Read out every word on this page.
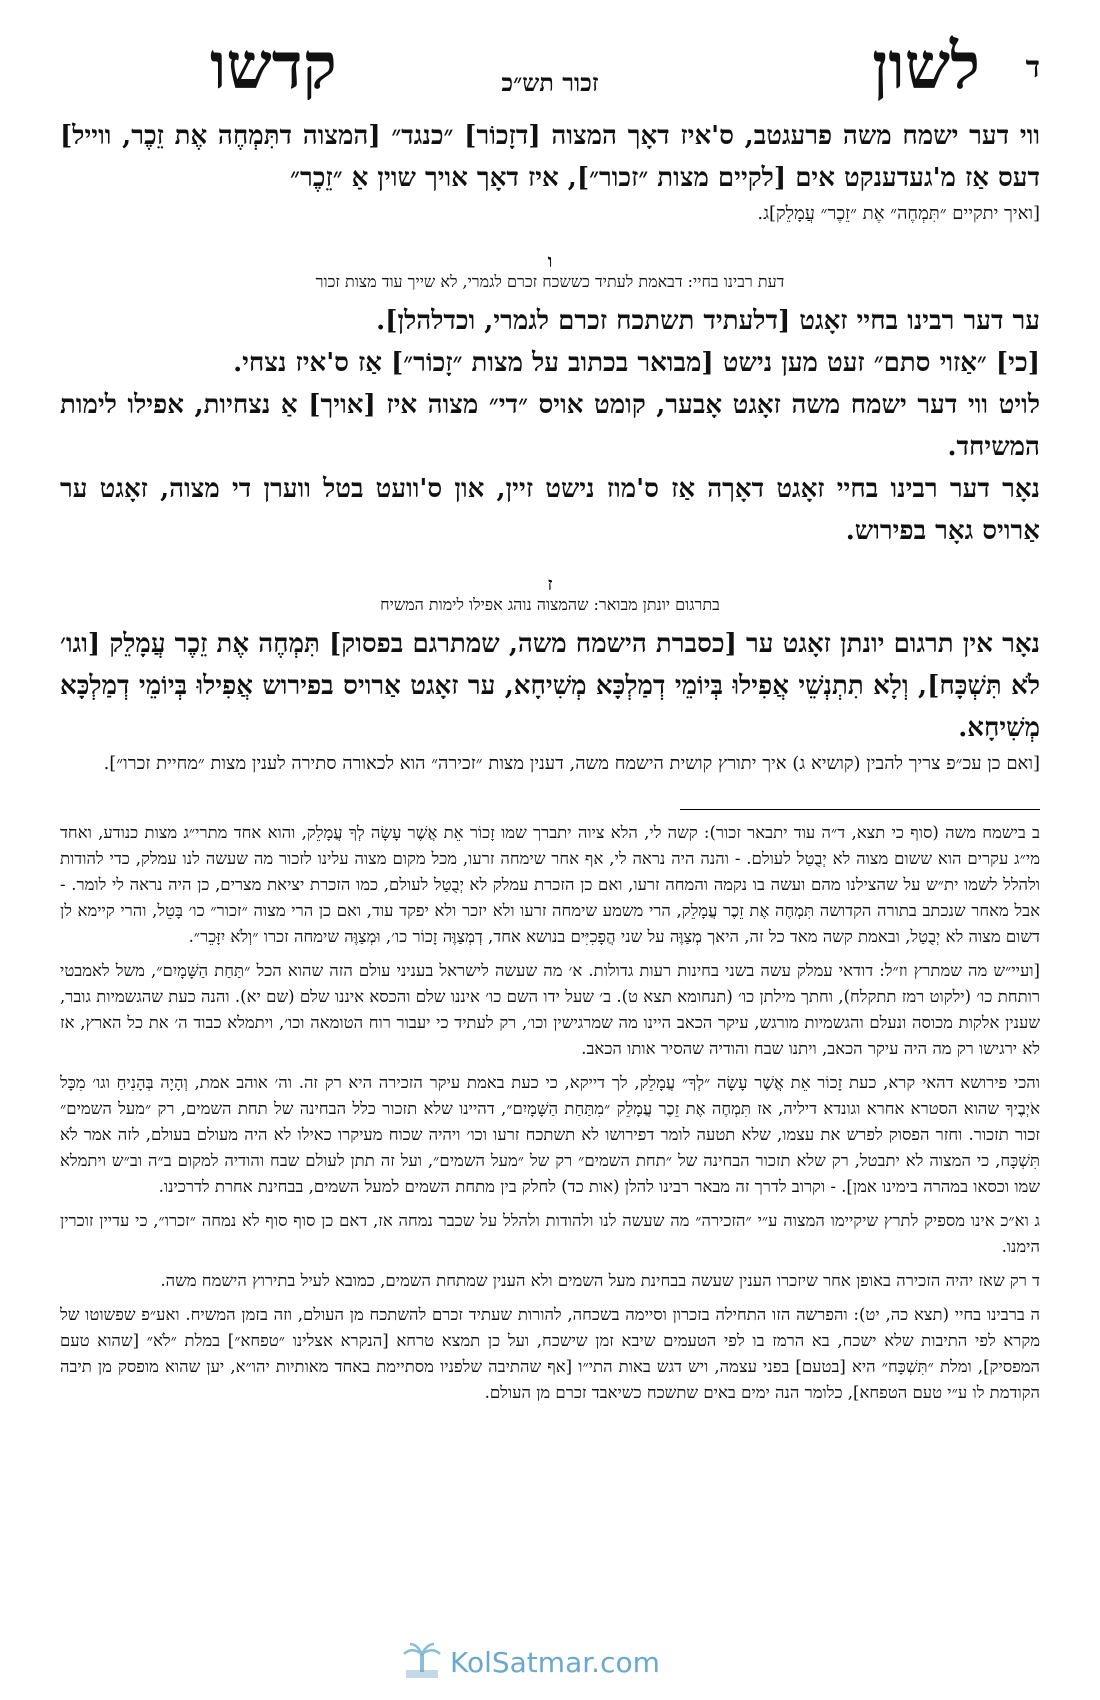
ד
לשון
זכור תש״כ
קדשו

ווי דער ישמח משה פרעגטב, ס'איז דאָך המצוה [דזָכוֹר] ״כנגד״ [המצוה דתִּמְחֶה אֶת זֵכֶר, ווייל] דעס אַז מ'געדענקט אים [לקיים מצות ״זכור״], איז דאָך אויך שוין אַ ״זֵכֶר״

[ואיך יתקיים ״תִּמְחֶה״ אֶת ״זֵכֶר״ עֲמָלֵק]ג.

ו
דעת רבינו בחיי: דבאמת לעתיד כששכח זכרם לגמרי, לא שייך עוד מצות זכור

ער דער רבינו בחיי זאָגט [דלעתיד תשתכח זכרם לגמרי, וכדלהלן].

[כי] ״אַזוי סתם״ זעט מען נישט [מבואר בכתוב על מצות ״זָכוֹר״] אַז ס'איז נצחי.

לויט ווי דער ישמח משה זאָגט אָבער, קומט אויס ״די״ מצוה איז [אויך] אַ נצחיות, אפילו לימות המשיחד.

נאָר דער רבינו בחיי זאָגט דאָךה אַז ס'מוז נישט זיין, און ס'וועט בטל ווערן די מצוה, זאָגט ער אַרויס גאָר בפירוש.

ז
בתרגום יונתן מבואר: שהמצוה נוהג אפילו לימות המשיח

נאָר אין תרגום יונתן זאָגט ער [כסברת הישמח משה, שמתרגם בפסוק] תִּמְחֶה אֶת זֵכֶר עֲמָלֵק [וגו׳ לֹא תִּשְׁכָּח], וְלָא תִתְנְשֵׁי אֲפִילוּ בְּיוֹמֵי דְמַלְכָּא מְשִׁיחָא, ער זאָגט אַרויס בפירוש אֲפִילוּ בְּיוֹמֵי דְמַלְכָּא מְשִׁיחָא.

[ואם כן עכ״פ צריך להבין (קושיא ג) איך יתורץ קושית הישמח משה, דענין מצות ״זכירה״ הוא לכאורה סתירה לענין מצות ״מחיית זכרו״].

ב בישמח משה (סוף כי תצא, ד״ה עוד יתבאר זכור): קשה לי, הלא ציוה יתברך שמו זָכוֹר אֵת אֲשֶׁר עָשָׂה לְךָ עֲמָלֵק, והוא אחד מתרי״ג מצות כנודע, ואחד מי״ג עקרים הוא ששום מצוה לא יְבֻטַל לעולם. - והנה היה נראה לי, אף אחר שימחה זרעו, מכל מקום מצוה עלינו לזכור מה שעשה לנו עמלק, כדי להודות ולהלל לשמו ית״ש על שהצילנו מהם ועשה בו נקמה והמחה זרעו, ואם כן הזכרת עמלק לא יְבֻטַל לעולם, כמו הזכרת יציאת מצרים, כן היה נראה לי לומר. - אבל מאחר שנכתב בתורה הקדושה תִּמְחֶה אֶת זֵכֶר עֲמָלֵק, הרי משמע שימחה זרעו ולא יזכר ולא יפקד עוד, ואם כן הרי מצוה ״זכור״ כו׳ בָּטֵל, והרי קיימא לן דשום מצוה לא יְבֻטַל, ובאמת קשה מאד כל זה, היאך מְצַוֶּה על שני הֲפָכִיִּים בנושא אחד, דְמְצַוֶּה זָכוֹר כו׳, וּמְצַוֶּה שימחה זכרו ״וְלֹא יִזָּכֵר״.

[ועיי״ש מה שמתרץ וז״ל: דודאי עמלק עשה בשני בחינות רעות גדולות. א׳ מה שעשה לישראל בעניני עולם הזה שהוא הכל ״תַּחַת הַשָּׁמָיִם״, משל לאמבטי רותחת כו׳ (ילקוט רמז תתקלח), וחתך מילתן כו׳ (תנחומא תצא ט). ב׳ שעל ידו השם כו׳ איננו שלם והכסא איננו שלם (שם יא). והנה כעת שהגשמיות גובר, שענין אלקות מכוסה ונעלם והגשמיות מורגש, עיקר הכאב היינו מה שמרגישין וכו׳, רק לעתיד כי יעבור רוח הטומאה וכו׳, ויתמלא כבוד ה׳ את כל הארץ, אז לא ירגישו רק מה היה עיקר הכאב, ויתנו שבח והודיה שהסיר אותו הכאב.

והכי פירושא דהאי קרא, כעת זָכוֹר אֵת אֲשֶׁר עָשָׂה ״לְךָ״ עֲמָלֵק, לך דייקא, כי כעת באמת עיקר הזכירה היא רק זה. וה׳ אוהב אמת, וְהָיָה בְּהָנִיחַ וגו׳ מִכָּל אֹיְבֶיךָ שהוא הסטרא אחרא וגונדא דיליה, אז תִּמְחֶה אֶת זֵכֶר עֲמָלֵק ״מִתַּחַת הַשָּׁמָיִם״, דהיינו שלא תזכור כלל הבחינה של תחת השמים, רק ״מעל השמים״ זכור תזכור. וחזר הפסוק לפרש את עצמו, שלא תטעה לומר דפירושו לא תשתכח זרעו וכו׳ ויהיה שכוח מעיקרו כאילו לא היה מעולם בעולם, לזה אמר לֹא תִּשְׁכָּח, כי המצוה לא יתבטל, רק שלא תזכור הבחינה של ״תחת השמים״ רק של ״מעל השמים״, ועל זה תתן לעולם שבח והודיה למקום ב״ה וב״ש ויתמלא שמו וכסאו במהרה בימינו אמן]. - וקרוב לדרך זה מבאר רבינו להלן (אות כד) לחלק בין מתחת השמים למעל השמים, בבחינת אחרת לדרכינו.

ג וא״כ אינו מספיק לתרץ שיקיימו המצוה ע״י ״הזכירה״ מה שעשה לנו ולהודות ולהלל על שכבר נמחה אז, דאם כן סוף סוף לא נמחה ״זכרו״, כי עדיין זוכרין הימנו.

ד רק שאז יהיה הזכירה באופן אחר שיזכרו הענין שעשה בבחינת מעל השמים ולא הענין שמתחת השמים, כמובא לעיל בתירוץ הישמח משה.

ה ברבינו בחיי (תצא כה, יט): והפרשה הזו התחילה בזכרון וסיימה בשכחה, להורות שעתיד זכרם להשתכח מן העולם, וזה בזמן המשיח. ואע״פ שפשוטו של מקרא לפי התיבות שלא ישכח, בא הרמז בו לפי הטעמים שיבא זמן שישכח, ועל כן תמצא טרחא [הנקרא אצלינו ״טפחא״] במלת ״לֹא״ [שהוא טעם המפסיק], ומלת ״תִּשְׁכָּח״ היא [בטעם] בפני עצמה, ויש דגש באות התי״ו [אף שהתיבה שלפניו מסתיימת באחד מאותיות יהו״א, יען שהוא מופסק מן תיבה הקודמת לו ע״י טעם הטפחא], כלומר הנה ימים באים שתשכח כשיאבד זכרם מן העולם.

KolSatmar.com
